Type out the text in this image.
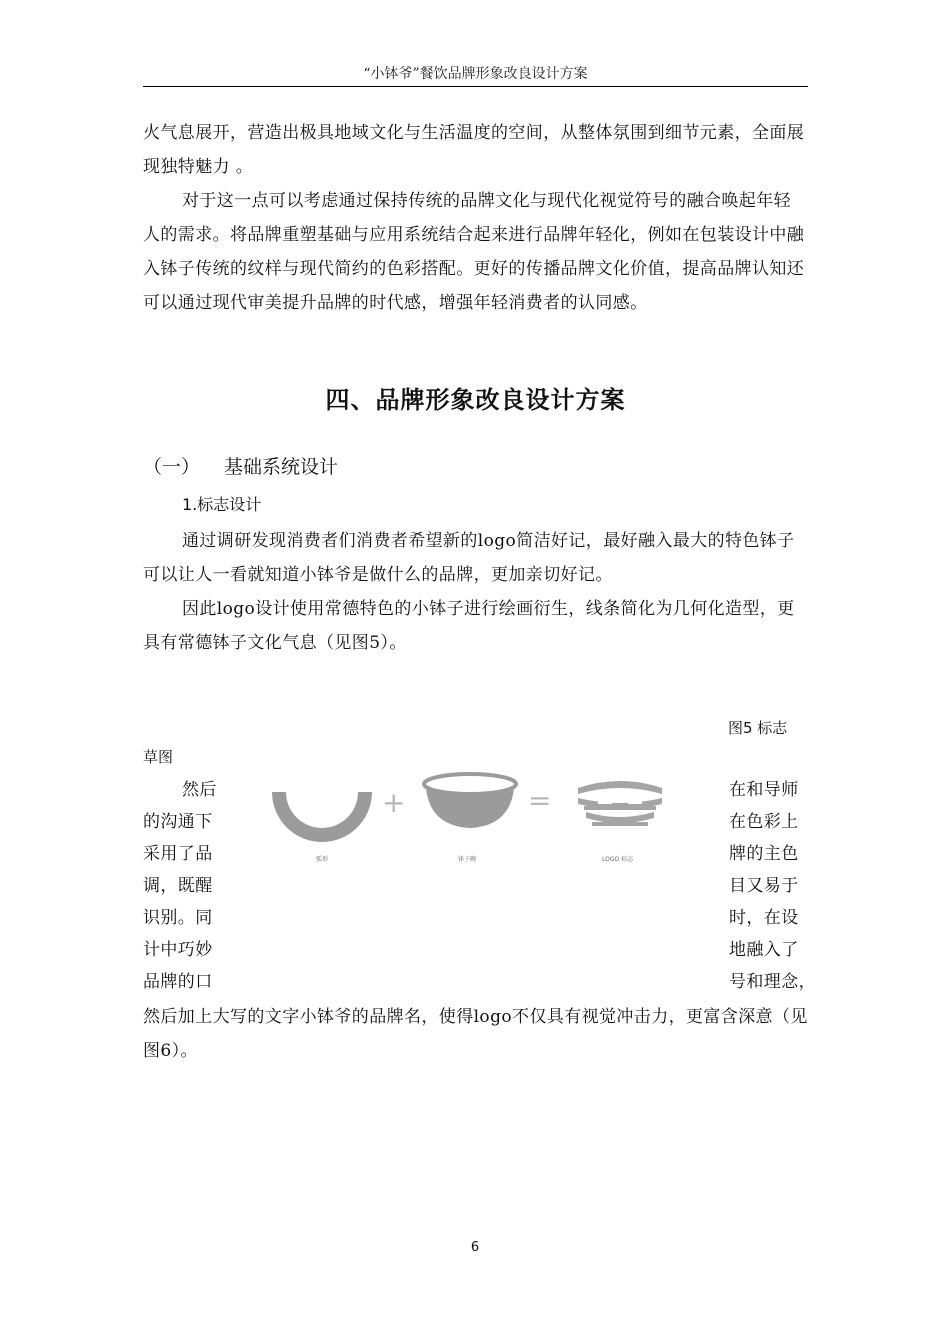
“小钵爷”餐饮品牌形象改良设计方案

火气息展开，营造出极具地域文化与生活温度的空间，从整体氛围到细节元素，全面展现独特魅力 。

对于这一点可以考虑通过保持传统的品牌文化与现代化视觉符号的融合唤起年轻人的需求。将品牌重塑基础与应用系统结合起来进行品牌年轻化，例如在包装设计中融入钵子传统的纹样与现代简约的色彩搭配。更好的传播品牌文化价值，提高品牌认知还可以通过现代审美提升品牌的时代感，增强年轻消费者的认同感。

四、品牌形象改良设计方案
（一） 基础系统设计
1.标志设计

通过调研发现消费者们消费者希望新的logo简洁好记，最好融入最大的特色钵子可以让人一看就知道小钵爷是做什么的品牌，更加亲切好记。

因此logo设计使用常德特色的小钵子进行绘画衍生，线条简化为几何化造型，更具有常德钵子文化气息（见图5）。

图5 标志
草图
+	=
弧形	钵子碗	LOGO 标志
然后
的沟通下
采用了品
调，既醒
识别。同
计中巧妙
品牌的口
在和导师
在色彩上
牌的主色
目又易于
时，在设
地融入了
号和理念，

然后加上大写的文字小钵爷的品牌名，使得logo不仅具有视觉冲击力，更富含深意（见图6）。

6
